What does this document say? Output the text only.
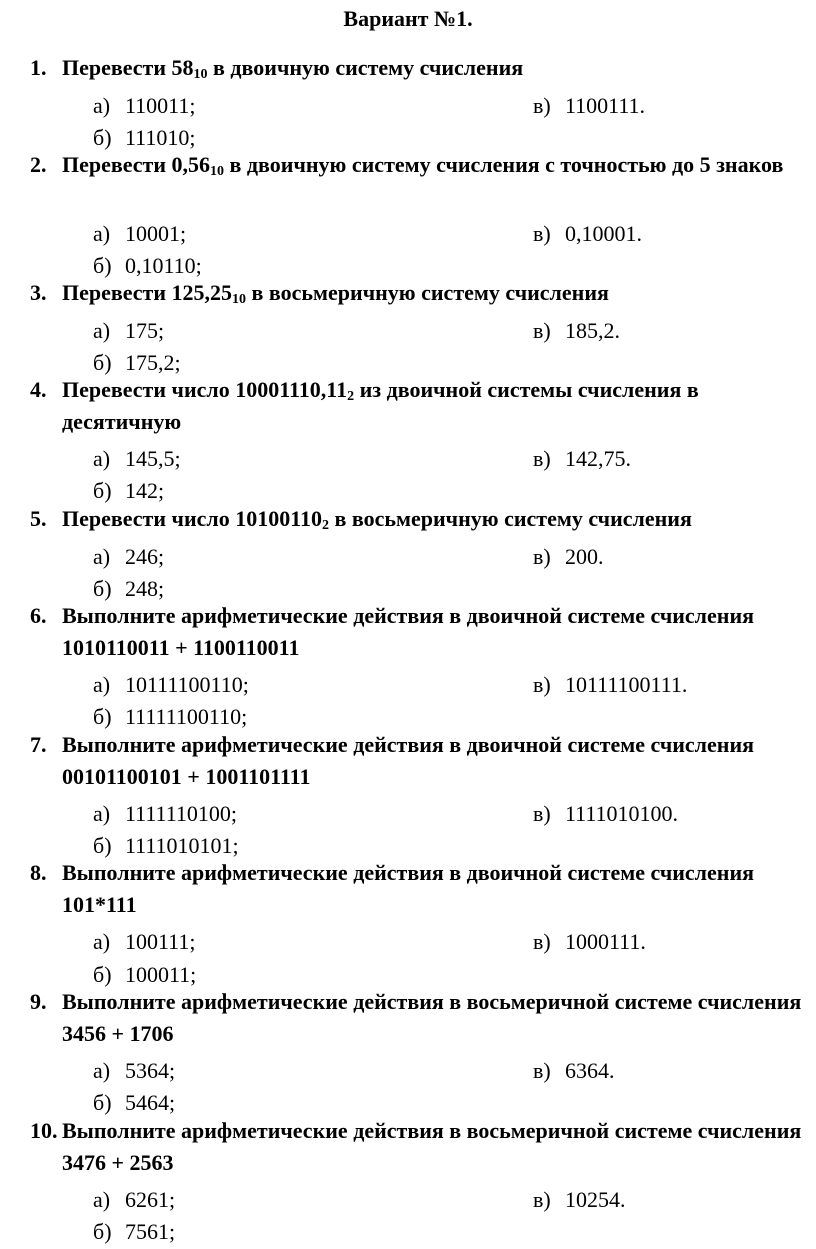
Вариант №1.
1. Перевести $58_{10}$ в двоичную систему счисления
а) 110011;
б) 111010;
в) 1100111.
2. Перевести $0,56_{10}$ в двоичную систему счисления с точностью до 5 знаков
а) 10001;
б) 0,10110;
в) 0,10001.
3. Перевести $125,25_{10}$ в восьмеричную систему счисления
а) 175;
б) 175,2;
в) 185,2.
4. Перевести число $10001110,11_2$ из двоичной системы счисления в десятичную
а) 145,5;
б) 142;
в) 142,75.
5. Перевести число $10100110_2$ в восьмеричную систему счисления
а) 246;
б) 248;
в) 200.
6. Выполните арифметические действия в двоичной системе счисления 1010110011 + 1100110011
а) 10111100110;
б) 11111100110;
в) 10111100111.
7. Выполните арифметические действия в двоичной системе счисления 00101100101 + 1001101111
а) 1111110100;
б) 1111010101;
в) 1111010100.
8. Выполните арифметические действия в двоичной системе счисления 101*111
а) 100111;
б) 100011;
в) 1000111.
9. Выполните арифметические действия в восьмеричной системе счисления 3456 + 1706
а) 5364;
б) 5464;
в) 6364.
10. Выполните арифметические действия в восьмеричной системе счисления 3476 + 2563
а) 6261;
б) 7561;
в) 10254.
